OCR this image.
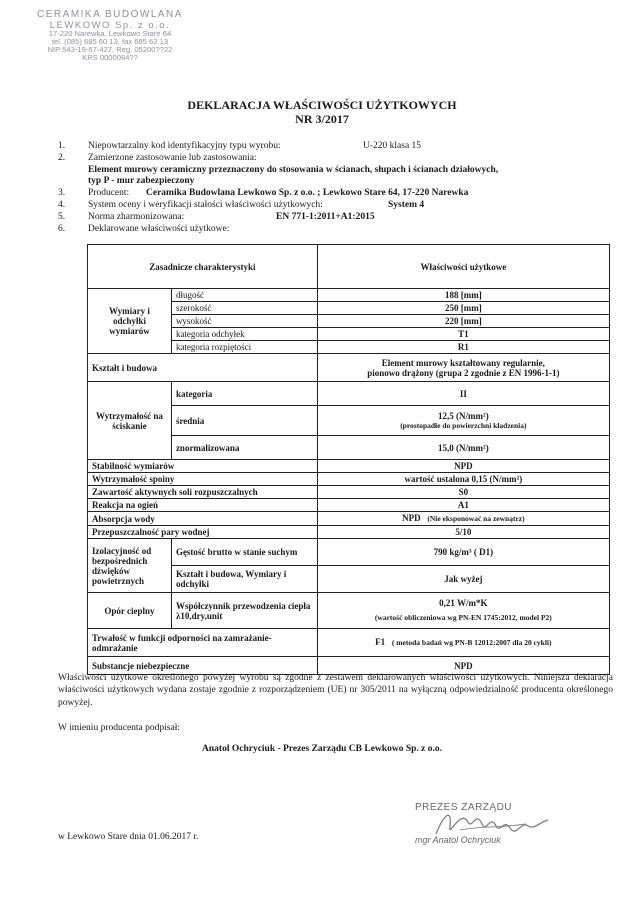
CERAMIKA BUDOWLANA
LEWKOWO Sp. z o.o.
17-220 Narewka, Lewkowo Stare 64
tel. (085) 685 60 13, fax 685 62 13
NIP 543-19-67-427, Reg. 05200??22
KRS 0000084??
DEKLARACJA WŁAŚCIWOŚCI UŻYTKOWYCH
NR 3/2017
1. Niepowtarzalny kod identyfikacyjny typu wyrobu:	U-220 klasa 15
2. Zamierzone zastosowanie lub zastosowania:
Element murowy ceramiczny przeznaczony do stosowania w ścianach, słupach i ścianach działowych,
typ P - mur zabezpieczony
3. Producent: Ceramika Budowlana Lewkowo Sp. z o.o. ; Lewkowo Stare 64, 17-220 Narewka
4. System oceny i weryfikacji stałości właściwości użytkowych:	System 4
5. Norma zharmonizowana:	EN 771-1:2011+A1:2015
6. Deklarowane właściwości użytkowe:
Zasadnicze charakterystyki		Właściwości użytkowe
Wymiary i odchyłki wymiarów	długość	188 [mm]
	szerokość	250 [mm]
	wysokość	220 [mm]
	kategoria odchyłek	T1
	kategoria rozpiętości	R1
Kształt i budowa		Element murowy kształtowany regularnie,
pionowo drążony (grupa 2 zgodnie z EN 1996-1-1)

Wytrzymałość na ściskanie	kategoria	II
	średnia	12,5 (N/mm²)
(prostopadłe do powierzchni kładzenia)

	znormalizowana	15,0 (N/mm²)
Stabilność wymiarów		NPD
Wytrzymałość spoiny		wartość ustalona 0,15 (N/mm²)
Zawartość aktywnych soli rozpuszczalnych		S0
Reakcja na ogień		A1
Absorpcja wody		NPD (Nie eksponować na zewnątrz)
Przepuszczalność pary wodnej		5/10
Izolacyjność od bezpośrednich dźwięków powietrznych	Gęstość brutto w stanie suchym	790 kg/m³ ( D1)
	Kształt i budowa, Wymiary i odchyłki	Jak wyżej
Opór cieplny	Współczynnik przewodzenia ciepła λ10,dry,unit	0,21 W/m*K
(wartość obliczeniowa wg PN-EN 1745:2012, model P2)

Trwałość w funkcji odporności na zamrażanie-odmrażanie		F1 ( metoda badań wg PN-B 12012:2007 dla 20 cykli)
Substancje niebezpieczne		NPD
Właściwości użytkowe określonego powyżej wyrobu są zgodne z zestawem deklarowanych właściwości użytkowych. Niniejsza deklaracja właściwości użytkowych wydana zostaje zgodnie z rozporządzeniem (UE) nr 305/2011 na wyłączną odpowiedzialność producenta określonego powyżej.
W imieniu producenta podpisał:
Anatol Ochryciuk - Prezes Zarządu CB Lewkowo Sp. z o.o.
PREZES ZARZĄDU
mgr Anatol Ochryciuk
w Lewkowo Stare dnia 01.06.2017 r.
